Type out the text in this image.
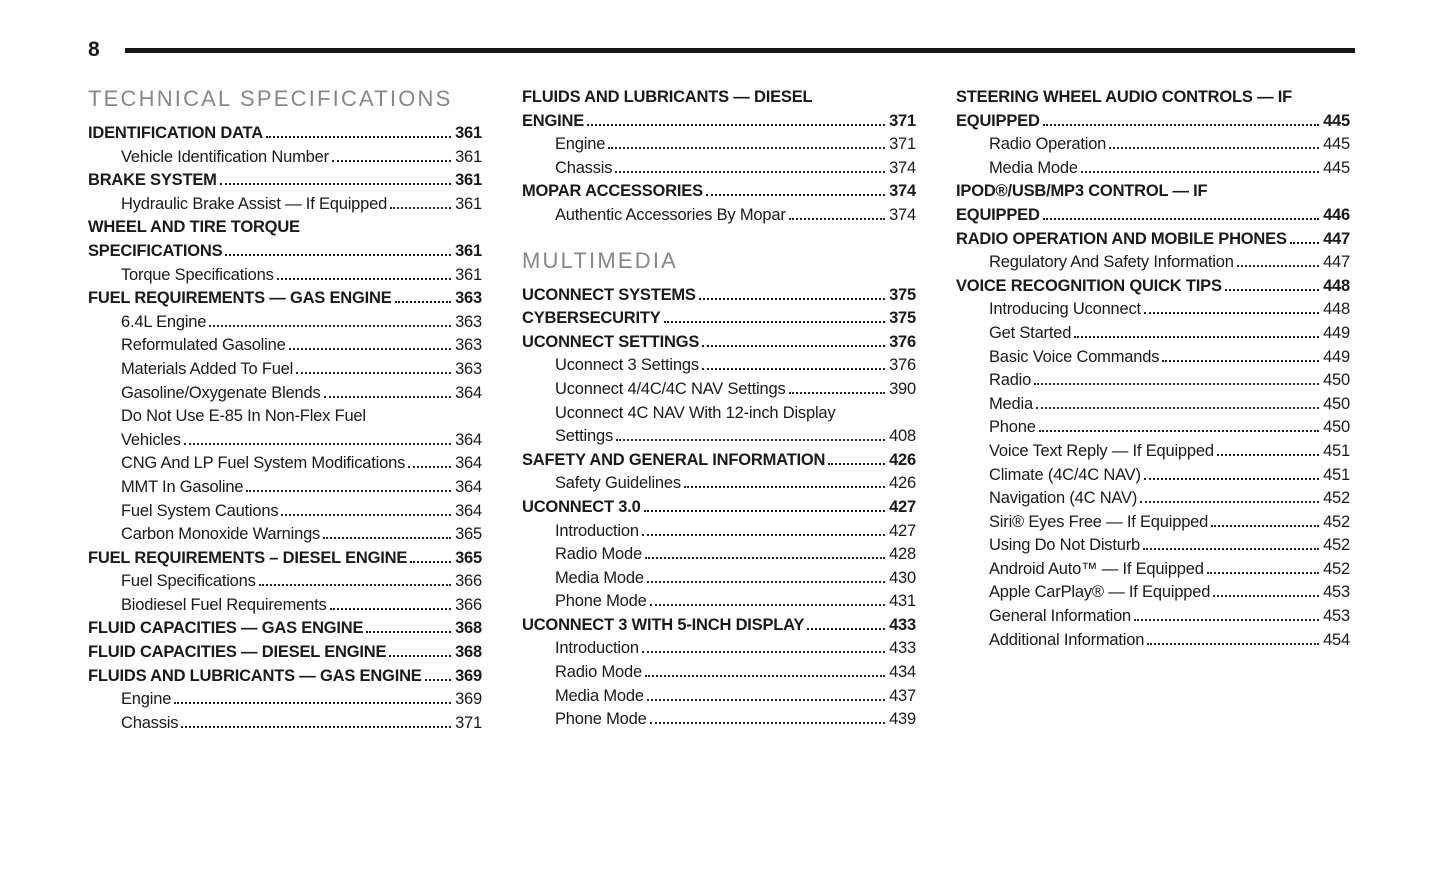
8
TECHNICAL SPECIFICATIONS
IDENTIFICATION DATA	361
Vehicle Identification Number	361
BRAKE SYSTEM	361
Hydraulic Brake Assist — If Equipped	361
WHEEL AND TIRE TORQUE
SPECIFICATIONS	361
Torque Specifications	361
FUEL REQUIREMENTS — GAS ENGINE	363
6.4L Engine	363
Reformulated Gasoline	363
Materials Added To Fuel	363
Gasoline/Oxygenate Blends	364
Do Not Use E-85 In Non-Flex Fuel
Vehicles	364
CNG And LP Fuel System Modifications	364
MMT In Gasoline	364
Fuel System Cautions	364
Carbon Monoxide Warnings	365
FUEL REQUIREMENTS – DIESEL ENGINE	365
Fuel Specifications	366
Biodiesel Fuel Requirements	366
FLUID CAPACITIES — GAS ENGINE	368
FLUID CAPACITIES — DIESEL ENGINE	368
FLUIDS AND LUBRICANTS — GAS ENGINE 369
Engine	369
Chassis	371
FLUIDS AND LUBRICANTS — DIESEL
ENGINE	371
Engine	371
Chassis	374
MOPAR ACCESSORIES	374
Authentic Accessories By Mopar	374
MULTIMEDIA
UCONNECT SYSTEMS	375
CYBERSECURITY	375
UCONNECT SETTINGS	376
Uconnect 3 Settings	376
Uconnect 4/4C/4C NAV Settings	390
Uconnect 4C NAV With 12-inch Display
Settings	408
SAFETY AND GENERAL INFORMATION	426
Safety Guidelines	426
UCONNECT 3.0	427
Introduction	427
Radio Mode	428
Media Mode	430
Phone Mode	431
UCONNECT 3 WITH 5-INCH DISPLAY	433
Introduction	433
Radio Mode	434
Media Mode	437
Phone Mode	439
STEERING WHEEL AUDIO CONTROLS — IF
EQUIPPED	445
Radio Operation	445
Media Mode	445
IPOD®/USB/MP3 CONTROL — IF
EQUIPPED	446
RADIO OPERATION AND MOBILE PHONES 447
Regulatory And Safety Information	447
VOICE RECOGNITION QUICK TIPS	448
Introducing Uconnect	448
Get Started	449
Basic Voice Commands	449
Radio	450
Media	450
Phone	450
Voice Text Reply — If Equipped	451
Climate (4C/4C NAV)	451
Navigation (4C NAV)	452
Siri® Eyes Free — If Equipped	452
Using Do Not Disturb	452
Android Auto™ — If Equipped	452
Apple CarPlay® — If Equipped	453
General Information	453
Additional Information	454
